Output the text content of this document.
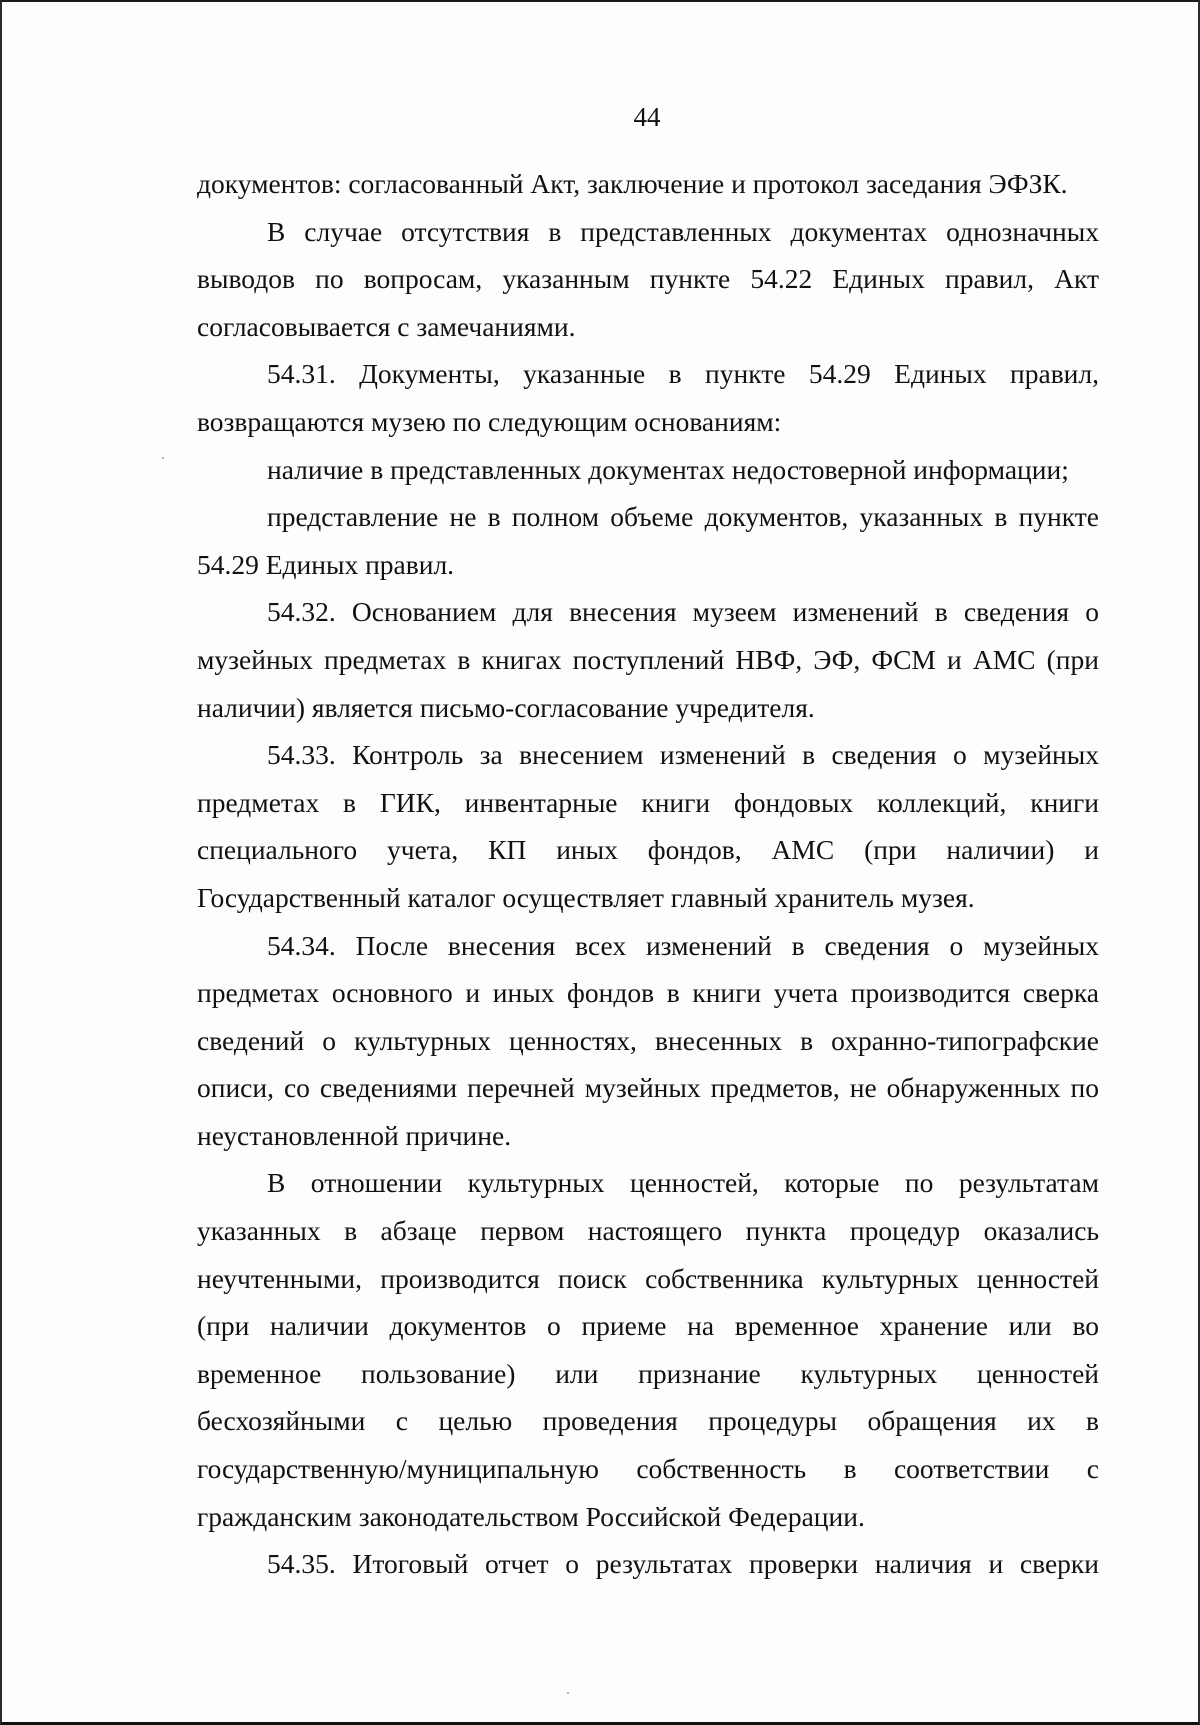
44

документов: согласованный Акт, заключение и протокол заседания ЭФЗК.

В случае отсутствия в представленных документах однозначных выводов по вопросам, указанным пункте 54.22 Единых правил, Акт согласовывается с замечаниями.

54.31. Документы, указанные в пункте 54.29 Единых правил, возвращаются музею по следующим основаниям:

наличие в представленных документах недостоверной информации;

представление не в полном объеме документов, указанных в пункте 54.29 Единых правил.

54.32. Основанием для внесения музеем изменений в сведения о музейных предметах в книгах поступлений НВФ, ЭФ, ФСМ и АМС (при наличии) является письмо-согласование учредителя.

54.33. Контроль за внесением изменений в сведения о музейных предметах в ГИК, инвентарные книги фондовых коллекций, книги специального учета, КП иных фондов, АМС (при наличии) и Государственный каталог осуществляет главный хранитель музея.

54.34. После внесения всех изменений в сведения о музейных предметах основного и иных фондов в книги учета производится сверка сведений о культурных ценностях, внесенных в охранно-типографские описи, со сведениями перечней музейных предметов, не обнаруженных по неустановленной причине.

В отношении культурных ценностей, которые по результатам указанных в абзаце первом настоящего пункта процедур оказались неучтенными, производится поиск собственника культурных ценностей (при наличии документов о приеме на временное хранение или во временное пользование) или признание культурных ценностей бесхозяйными с целью проведения процедуры обращения их в государственную/муниципальную собственность в соответствии с гражданским законодательством Российской Федерации.

54.35. Итоговый отчет о результатах проверки наличия и сверки
